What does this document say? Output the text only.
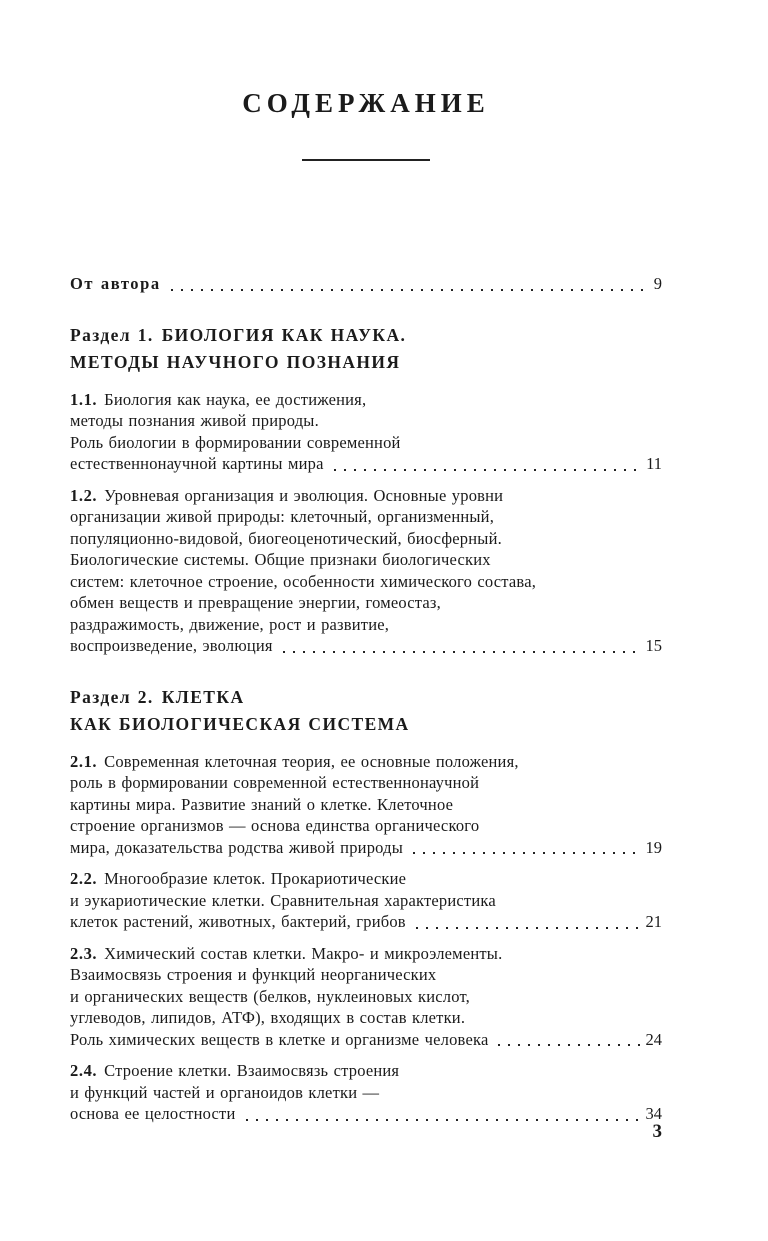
СОДЕРЖАНИЕ
От автора	9
Раздел 1. БИОЛОГИЯ КАК НАУКА.
МЕТОДЫ НАУЧНОГО ПОЗНАНИЯ
1.1. Биология как наука, ее достижения,
методы познания живой природы.
Роль биологии в формировании современной
естественнонаучной картины мира	11
1.2. Уровневая организация и эволюция. Основные уровни
организации живой природы: клеточный, организменный,
популяционно-видовой, биогеоценотический, биосферный.
Биологические системы. Общие признаки биологических
систем: клеточное строение, особенности химического состава,
обмен веществ и превращение энергии, гомеостаз,
раздражимость, движение, рост и развитие,
воспроизведение, эволюция	15
Раздел 2. КЛЕТКА
КАК БИОЛОГИЧЕСКАЯ СИСТЕМА
2.1. Современная клеточная теория, ее основные положения,
роль в формировании современной естественнонаучной
картины мира. Развитие знаний о клетке. Клеточное
строение организмов — основа единства органического
мира, доказательства родства живой природы	19
2.2. Многообразие клеток. Прокариотические
и эукариотические клетки. Сравнительная характеристика
клеток растений, животных, бактерий, грибов	21
2.3. Химический состав клетки. Макро- и микроэлементы.
Взаимосвязь строения и функций неорганических
и органических веществ (белков, нуклеиновых кислот,
углеводов, липидов, АТФ), входящих в состав клетки.
Роль химических веществ в клетке и организме человека	24
2.4. Строение клетки. Взаимосвязь строения
и функций частей и органоидов клетки —
основа ее целостности	34
3
